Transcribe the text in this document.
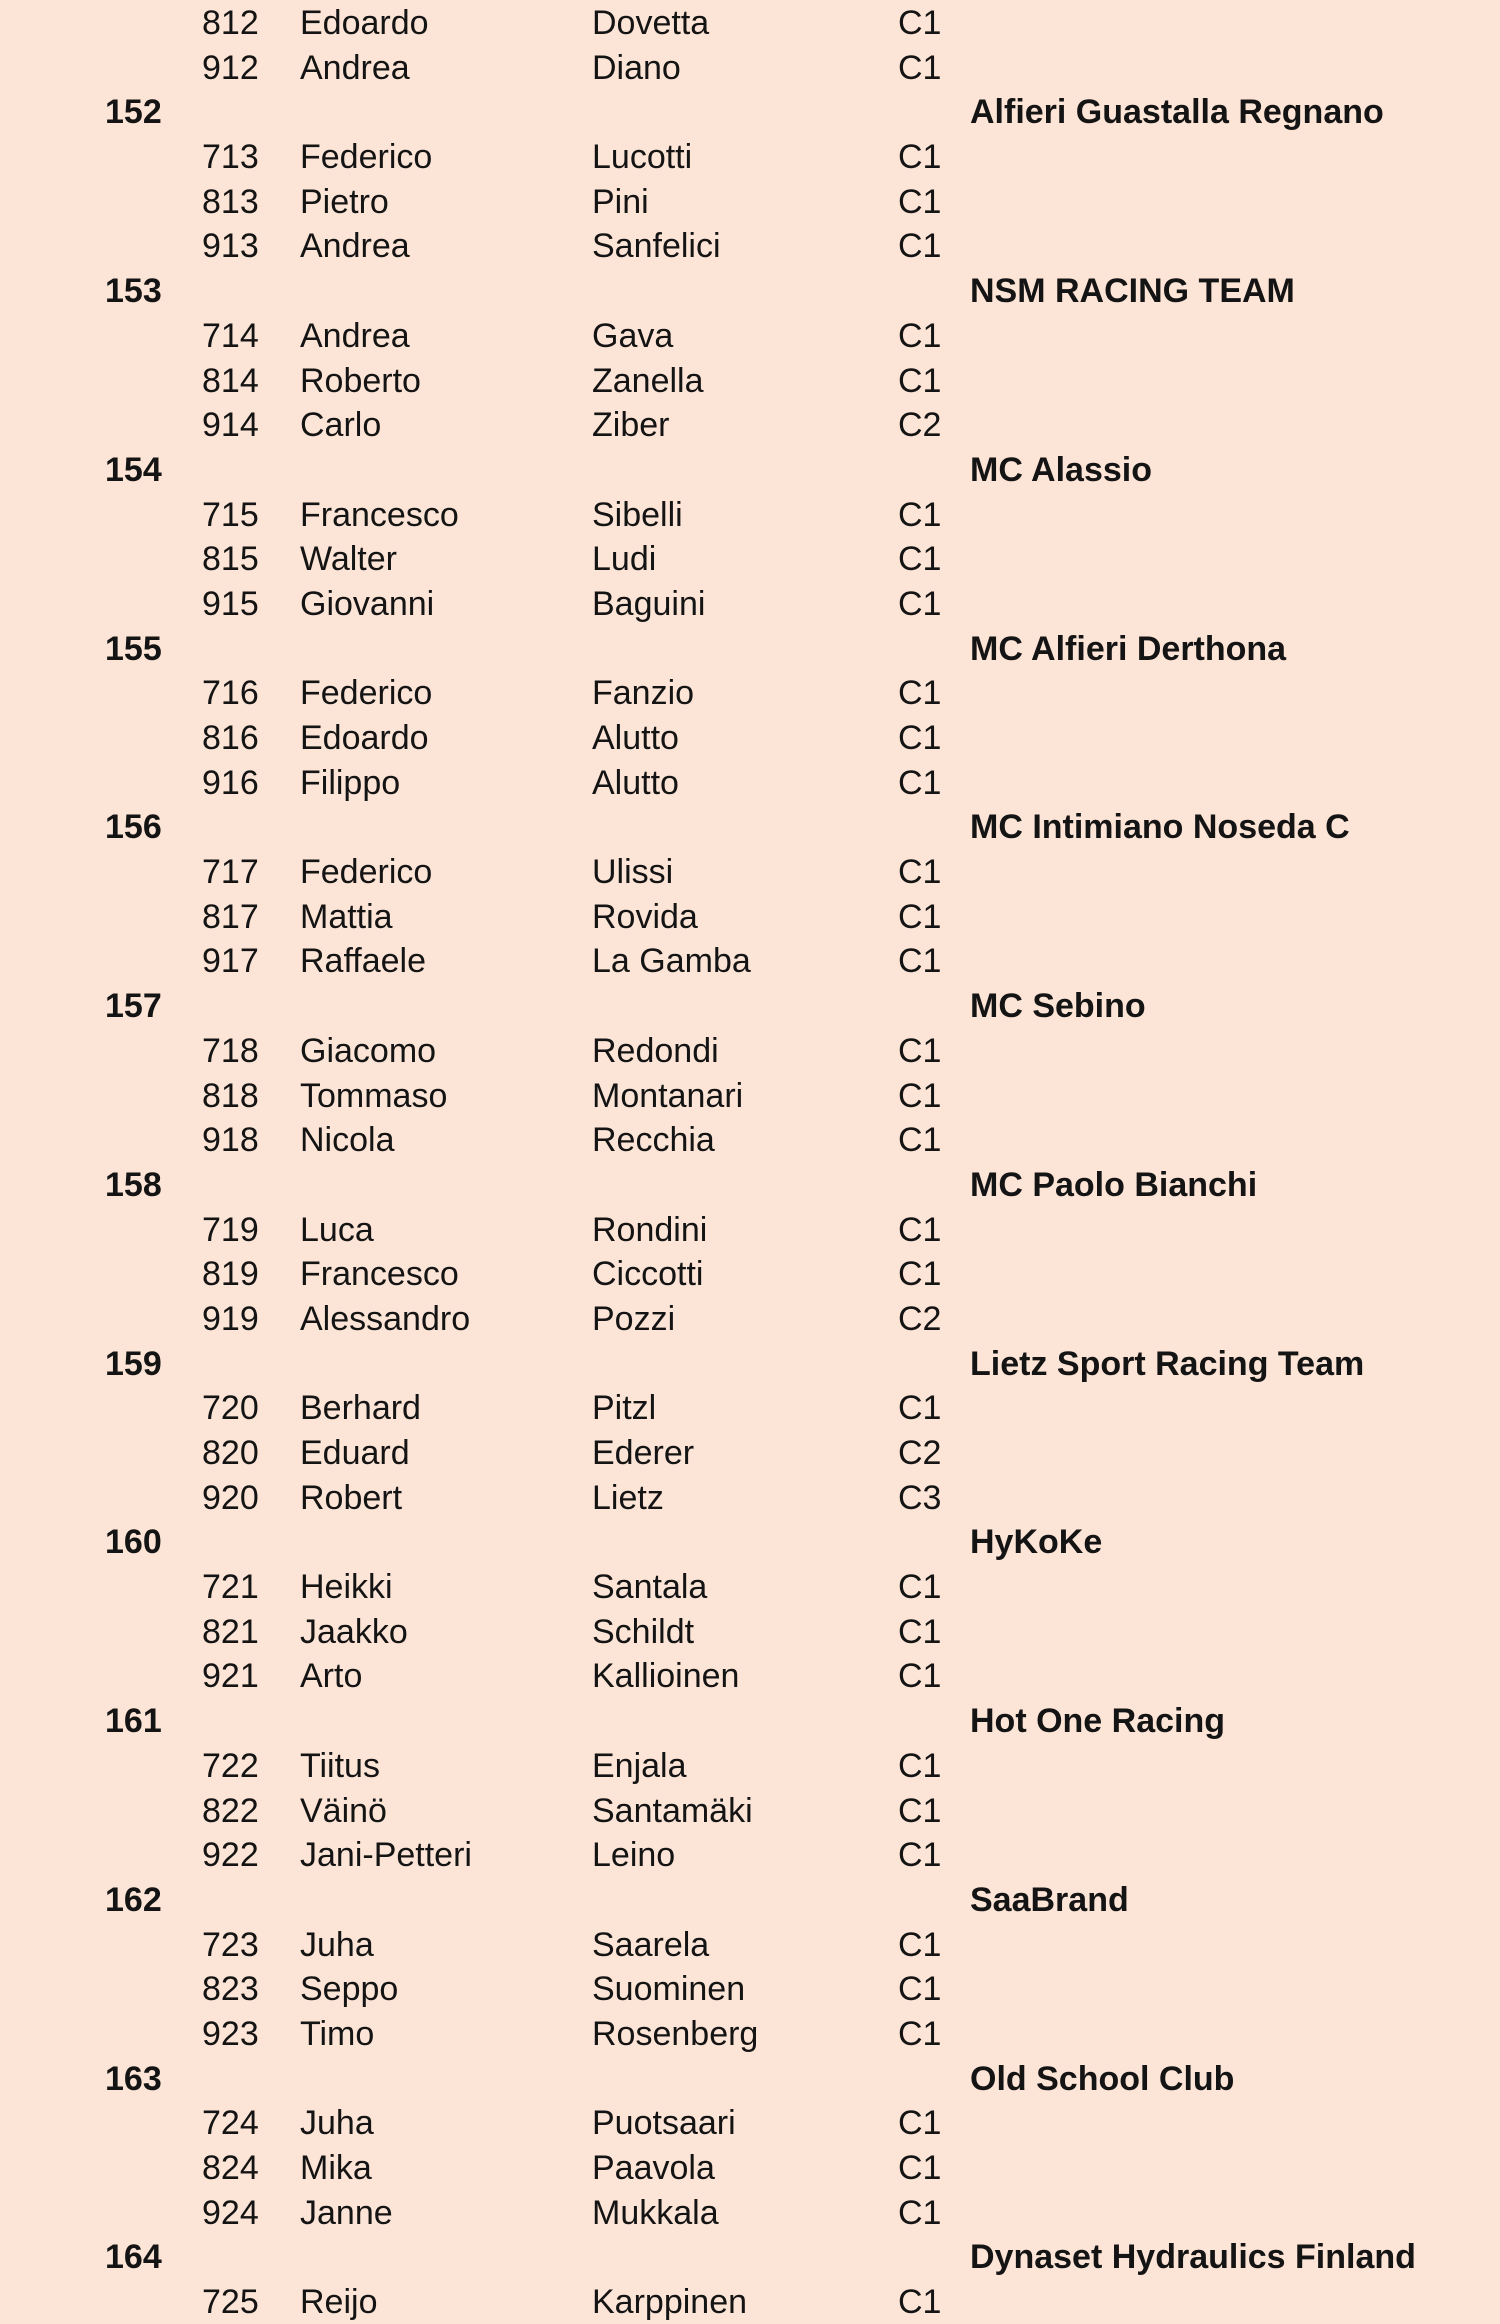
812 Edoardo	Dovetta	C1
912 Andrea	Diano	C1
152	Alfieri Guastalla Regnano
713 Federico	Lucotti	C1
813 Pietro	Pini	C1
913 Andrea	Sanfelici	C1
153	NSM RACING TEAM
714 Andrea	Gava	C1
814 Roberto	Zanella	C1
914 Carlo	Ziber	C2
154	MC Alassio
715 Francesco	Sibelli	C1
815 Walter	Ludi	C1
915 Giovanni	Baguini	C1
155	MC Alfieri Derthona
716 Federico	Fanzio	C1
816 Edoardo	Alutto	C1
916 Filippo	Alutto	C1
156	MC Intimiano Noseda C
717 Federico	Ulissi	C1
817 Mattia	Rovida	C1
917 Raffaele	La Gamba	C1
157	MC Sebino
718 Giacomo	Redondi	C1
818 Tommaso	Montanari	C1
918 Nicola	Recchia	C1
158	MC Paolo Bianchi
719 Luca	Rondini	C1
819 Francesco	Ciccotti	C1
919 Alessandro	Pozzi	C2
159	Lietz Sport Racing Team
720 Berhard	Pitzl	C1
820 Eduard	Ederer	C2
920 Robert	Lietz	C3
160	HyKoKe
721 Heikki	Santala	C1
821 Jaakko	Schildt	C1
921 Arto	Kallioinen	C1
161	Hot One Racing
722 Tiitus	Enjala	C1
822 Väinö	Santamäki	C1
922 Jani-Petteri	Leino	C1
162	SaaBrand
723 Juha	Saarela	C1
823 Seppo	Suominen	C1
923 Timo	Rosenberg	C1
163	Old School Club
724 Juha	Puotsaari	C1
824 Mika	Paavola	C1
924 Janne	Mukkala	C1
164	Dynaset Hydraulics Finland
725 Reijo	Karppinen	C1
